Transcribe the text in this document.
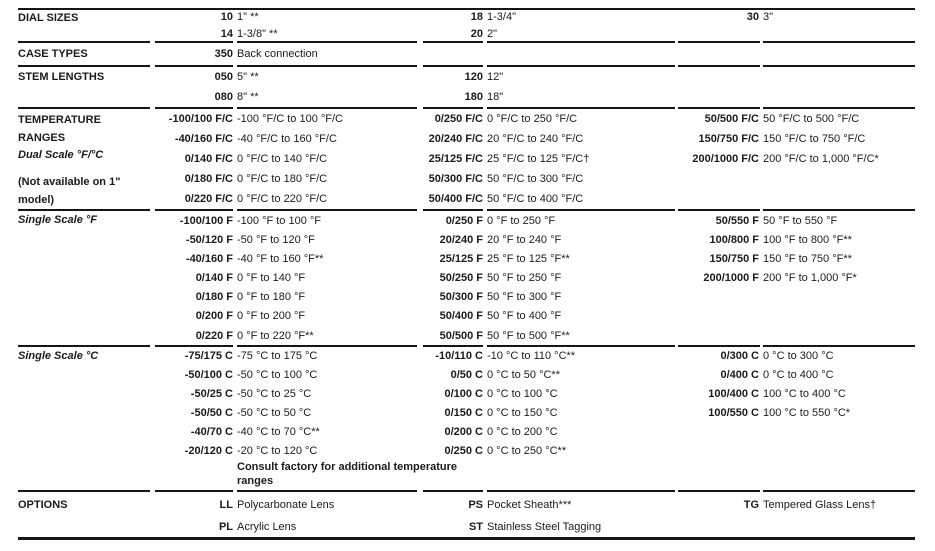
DIAL SIZES	10 1" **	18 1-3/4"	30 3"
14 1-3/8" **	20 2"
CASE TYPES	350 Back connection
STEM LENGTHS	050 5" **	120 12"
080 8" **	180 18"
TEMPERATURE RANGES
Dual Scale °F/°C
(Not available on 1" model)
-100/100 F/C -100 °F/C to 100 °F/C	0/250 F/C 0 °F/C to 250 °F/C	50/500 F/C 50 °F/C to 500 °F/C
-40/160 F/C -40 °F/C to 160 °F/C	20/240 F/C 20 °F/C to 240 °F/C	150/750 F/C 150 °F/C to 750 °F/C
0/140 F/C 0 °F/C to 140 °F/C	25/125 F/C 25 °F/C to 125 °F/C†	200/1000 F/C 200 °F/C to 1,000 °F/C*
0/180 F/C 0 °F/C to 180 °F/C	50/300 F/C 50 °F/C to 300 °F/C
0/220 F/C 0 °F/C to 220 °F/C	50/400 F/C 50 °F/C to 400 °F/C
Single Scale °F	-100/100 F -100 °F to 100 °F	0/250 F 0 °F to 250 °F	50/550 F 50 °F to 550 °F
-50/120 F -50 °F to 120 °F	20/240 F 20 °F to 240 °F	100/800 F 100 °F to 800 °F**
-40/160 F -40 °F to 160 °F**	25/125 F 25 °F to 125 °F**	150/750 F 150 °F to 750 °F**
0/140 F 0 °F to 140 °F	50/250 F 50 °F to 250 °F	200/1000 F 200 °F to 1,000 °F*
0/180 F 0 °F to 180 °F	50/300 F 50 °F to 300 °F
0/200 F 0 °F to 200 °F	50/400 F 50 °F to 400 °F
0/220 F 0 °F to 220 °F**	50/500 F 50 °F to 500 °F**
Single Scale °C	-75/175 C -75 °C to 175 °C	-10/110 C -10 °C to 110 °C**	0/300 C 0 °C to 300 °C
-50/100 C -50 °C to 100 °C	0/50 C 0 °C to 50 °C**	0/400 C 0 °C to 400 °C
-50/25 C -50 °C to 25 °C	0/100 C 0 °C to 100 °C	100/400 C 100 °C to 400 °C
-50/50 C -50 °C to 50 °C	0/150 C 0 °C to 150 °C	100/550 C 100 °C to 550 °C*
-40/70 C -40 °C to 70 °C**	0/200 C 0 °C to 200 °C
-20/120 C -20 °C to 120 °C	0/250 C 0 °C to 250 °C**
Consult factory for additional temperature ranges
OPTIONS	LL Polycarbonate Lens	PS Pocket Sheath***	TG Tempered Glass Lens†
PL Acrylic Lens	ST Stainless Steel Tagging
